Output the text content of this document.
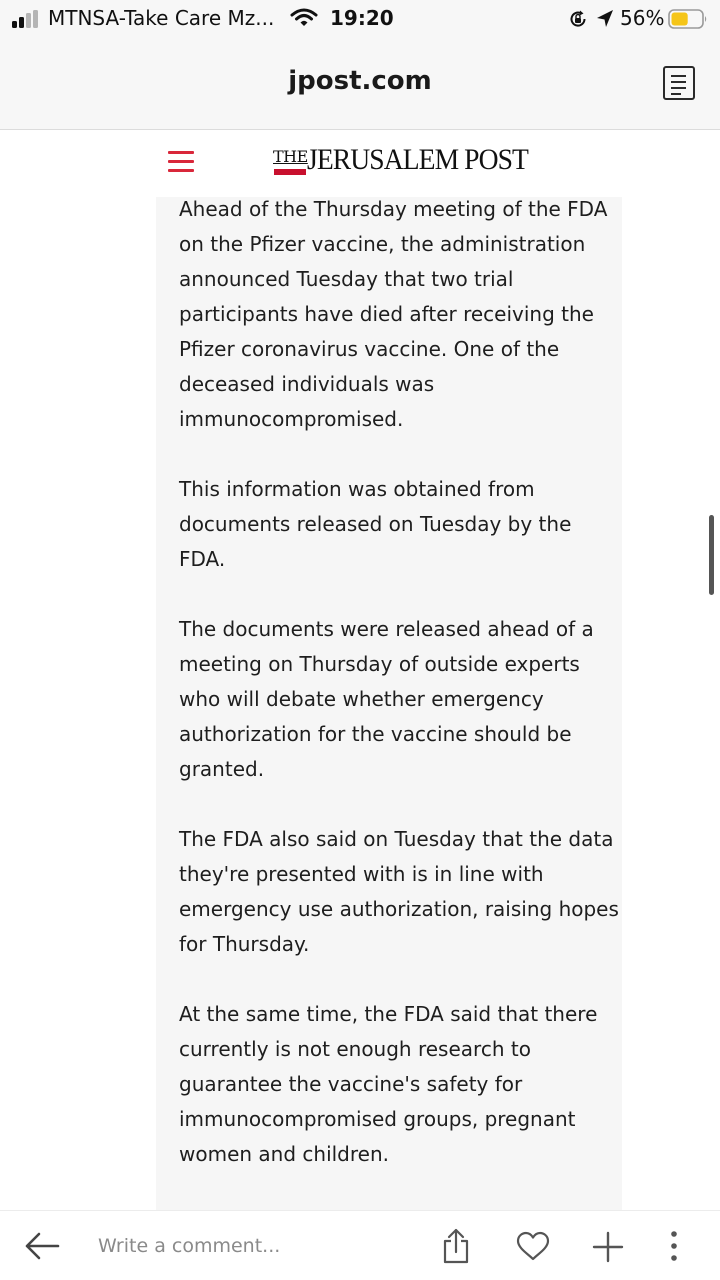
MTNSA-Take Care Mz...	19:20	56%
jpost.com
THE JERUSALEM POST

Ahead of the Thursday meeting of the FDA on the Pfizer vaccine, the administration announced Tuesday that two trial participants have died after receiving the Pfizer coronavirus vaccine. One of the deceased individuals was immunocompromised.

This information was obtained from documents released on Tuesday by the FDA.

The documents were released ahead of a meeting on Thursday of outside experts who will debate whether emergency authorization for the vaccine should be granted.

The FDA also said on Tuesday that the data they're presented with is in line with emergency use authorization, raising hopes for Thursday.

At the same time, the FDA said that there currently is not enough research to guarantee the vaccine's safety for immunocompromised groups, pregnant women and children.

Write a comment...
